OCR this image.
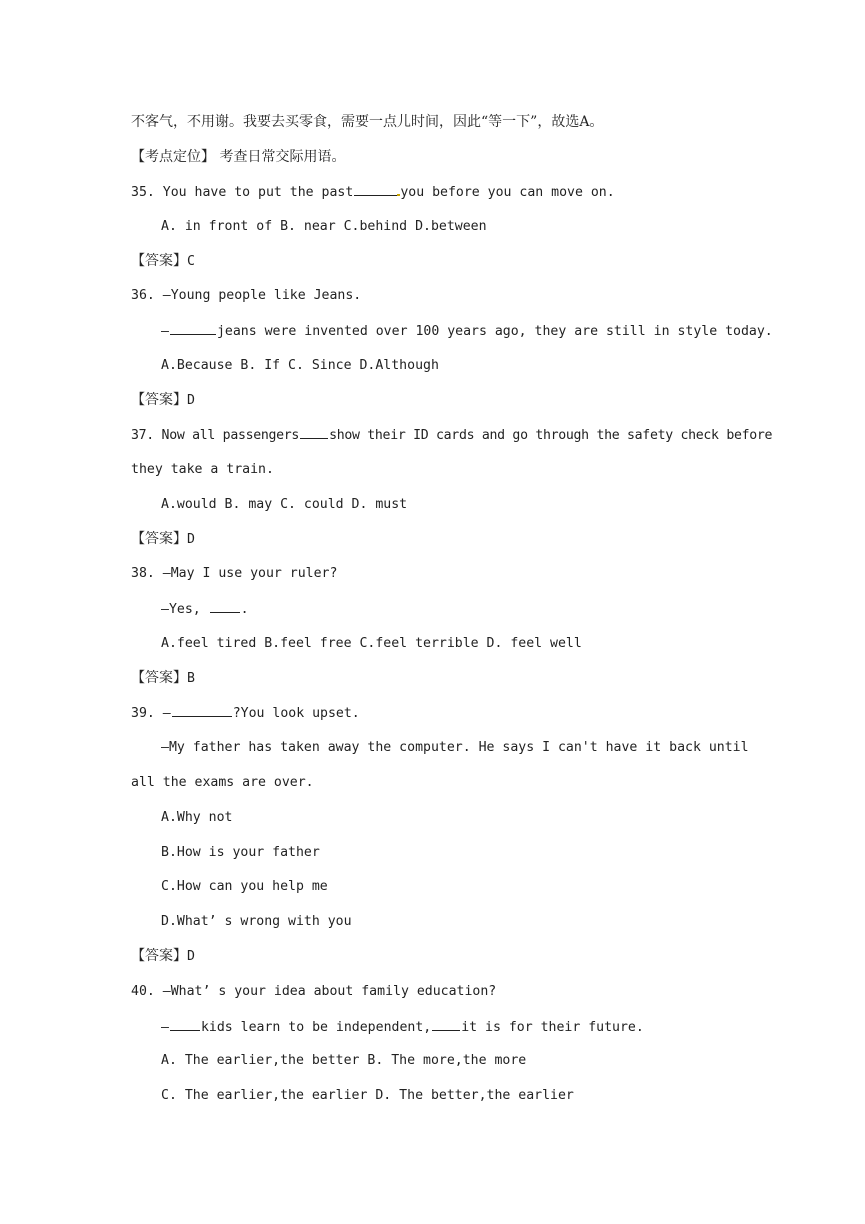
不客气，不用谢。我要去买零食，需要一点儿时间，因此“等一下”，故选A。
【考点定位】 考查日常交际用语。
35. You have to put the past	you before you can move on.
A. in front of B. near C.behind D.between
【答案】C
36. —Young people like Jeans.
—	jeans were invented over 100 years ago, they are still in style today.
A.Because B. If C. Since D.Although
【答案】D
37. Now all passengers show their ID cards and go through the safety check before
they take a train.
A.would B. may C. could D. must
【答案】D
38. —May I use your ruler?
—Yes,	.
A.feel tired B.feel free C.feel terrible D. feel well
【答案】B
39. —	?You look upset.
—My father has taken away the computer. He says I can't have it back until
all the exams are over.
A.Why not
B.How is your father
C.How can you help me
D.What’ s wrong with you
【答案】D
40. —What’ s your idea about family education?
— kids learn to be independent, it is for their future.
A. The earlier,the better B. The more,the more
C. The earlier,the earlier D. The better,the earlier
